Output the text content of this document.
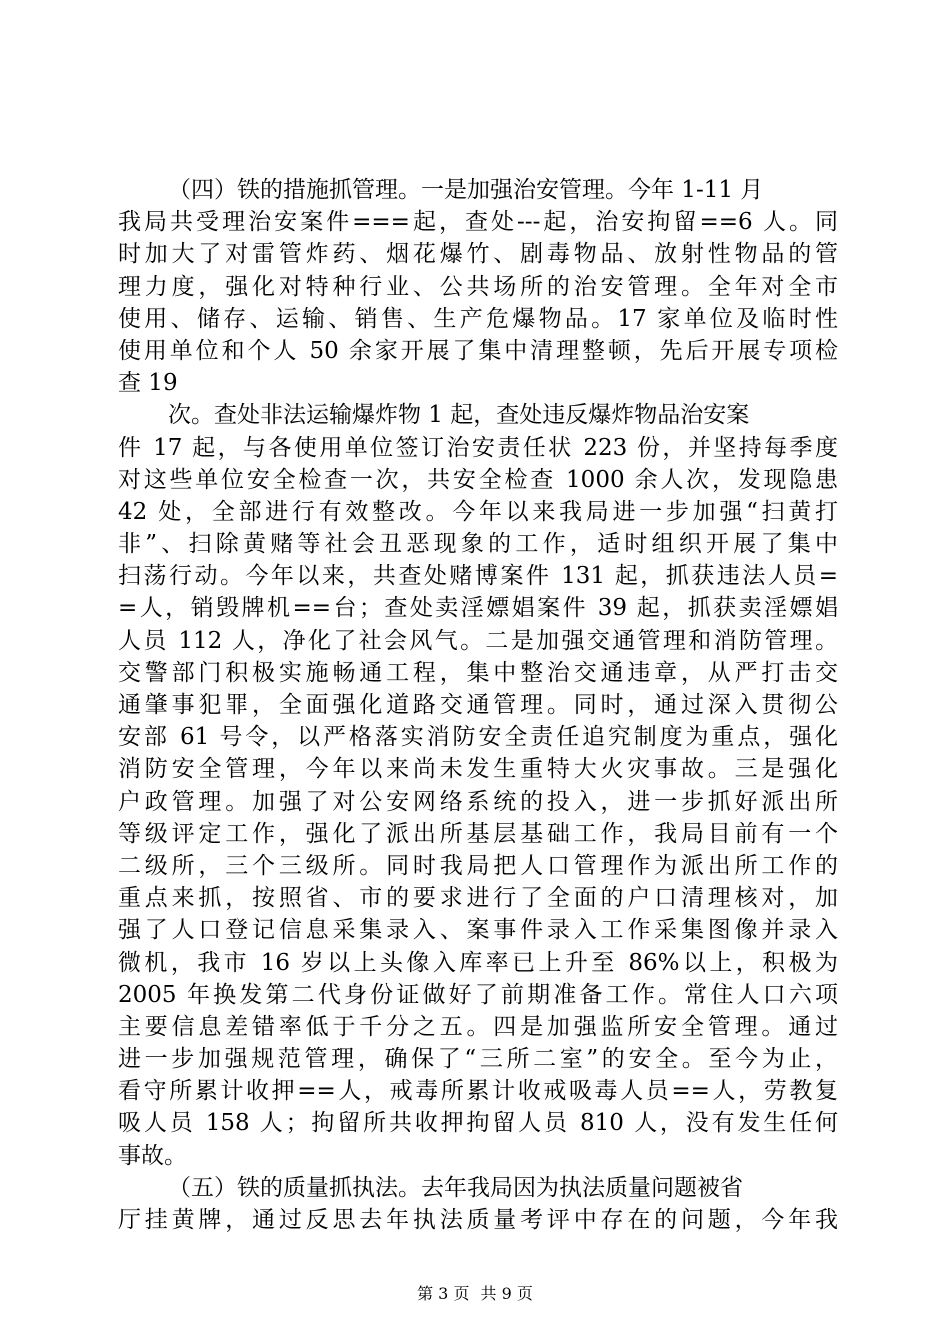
（四）铁的措施抓管理。一是加强治安管理。今年 1-11 月
我局共受理治安案件===起，查处---起，治安拘留==6 人。同
时加大了对雷管炸药、烟花爆竹、剧毒物品、放射性物品的管
理力度，强化对特种行业、公共场所的治安管理。全年对全市
使用、储存、运输、销售、生产危爆物品。17 家单位及临时性
使用单位和个人 50 余家开展了集中清理整顿，先后开展专项检
查 19
次。查处非法运输爆炸物 1 起，查处违反爆炸物品治安案
件 17 起，与各使用单位签订治安责任状 223 份，并坚持每季度
对这些单位安全检查一次，共安全检查 1000 余人次，发现隐患
42 处，全部进行有效整改。今年以来我局进一步加强“扫黄打
非”、扫除黄赌等社会丑恶现象的工作，适时组织开展了集中
扫荡行动。今年以来，共查处赌博案件 131 起，抓获违法人员=
=人，销毁牌机==台；查处卖淫嫖娼案件 39 起，抓获卖淫嫖娼
人员 112 人，净化了社会风气。二是加强交通管理和消防管理。
交警部门积极实施畅通工程，集中整治交通违章，从严打击交
通肇事犯罪，全面强化道路交通管理。同时，通过深入贯彻公
安部 61 号令，以严格落实消防安全责任追究制度为重点，强化
消防安全管理，今年以来尚未发生重特大火灾事故。三是强化
户政管理。加强了对公安网络系统的投入，进一步抓好派出所
等级评定工作，强化了派出所基层基础工作，我局目前有一个
二级所，三个三级所。同时我局把人口管理作为派出所工作的
重点来抓，按照省、市的要求进行了全面的户口清理核对，加
强了人口登记信息采集录入、案事件录入工作采集图像并录入
微机，我市 16 岁以上头像入库率已上升至 86%以上，积极为
2005 年换发第二代身份证做好了前期准备工作。常住人口六项
主要信息差错率低于千分之五。四是加强监所安全管理。通过
进一步加强规范管理，确保了“三所二室”的安全。至今为止，
看守所累计收押==人，戒毒所累计收戒吸毒人员==人，劳教复
吸人员 158 人；拘留所共收押拘留人员 810 人，没有发生任何
事故。
（五）铁的质量抓执法。去年我局因为执法质量问题被省
厅挂黄牌，通过反思去年执法质量考评中存在的问题，今年我
第 3 页 共 9 页
